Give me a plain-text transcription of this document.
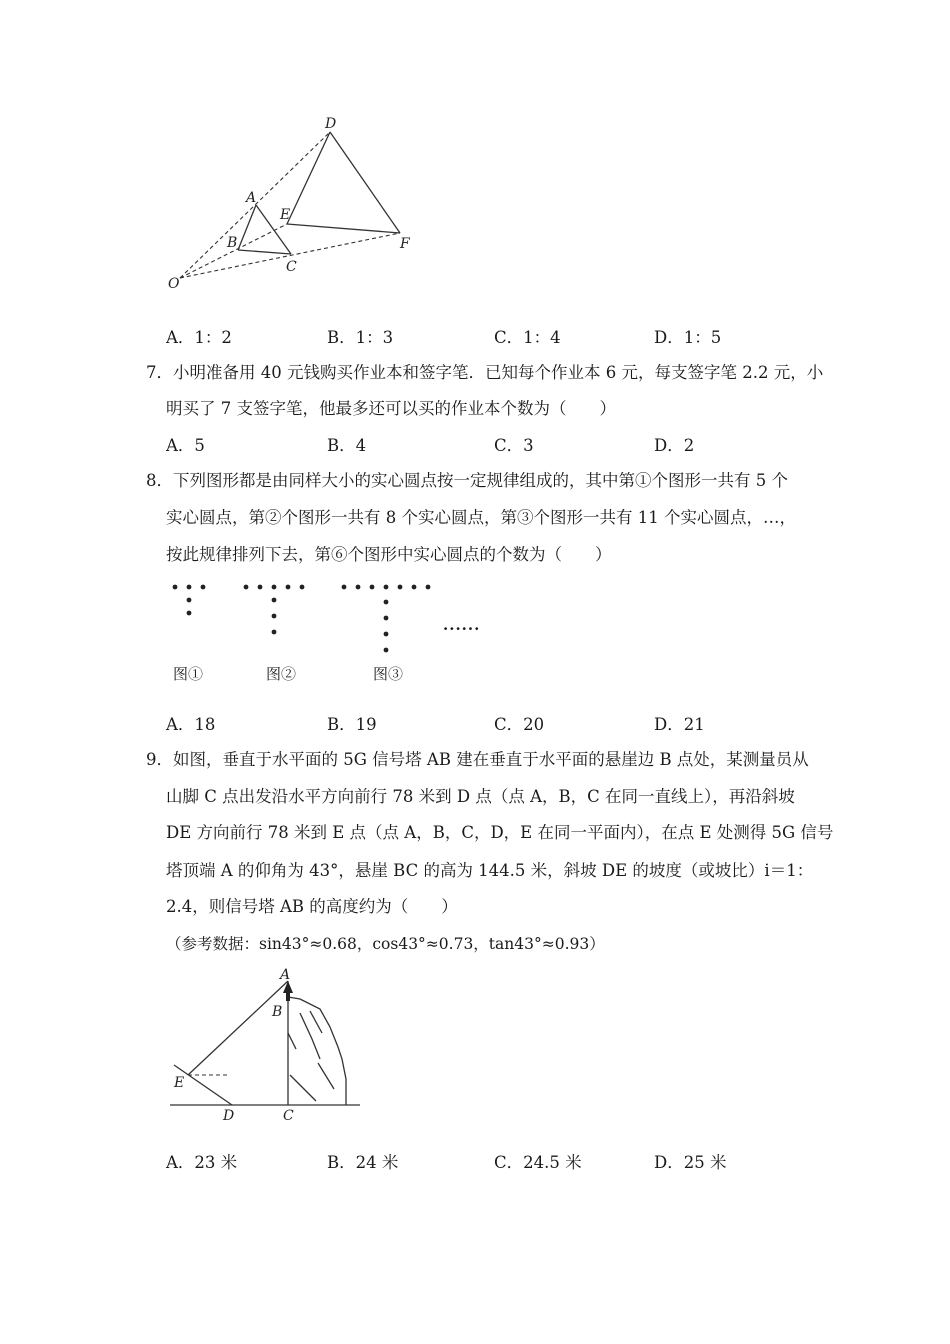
D
A
E
B	F
C
O
A．1：2	B．1：3	C．1：4	D．1：5
7．小明准备用 40 元钱购买作业本和签字笔．已知每个作业本 6 元，每支签字笔 2.2 元，小
明买了 7 支签字笔，他最多还可以买的作业本个数为（　　）
A．5	B．4	C．3	D．2
8．下列图形都是由同样大小的实心圆点按一定规律组成的，其中第①个图形一共有 5 个
实心圆点，第②个图形一共有 8 个实心圆点，第③个图形一共有 11 个实心圆点，…，
按此规律排列下去，第⑥个图形中实心圆点的个数为（　　）
......
图①	图②	图③
A．18	B．19	C．20	D．21
9．如图，垂直于水平面的 5G 信号塔 AB 建在垂直于水平面的悬崖边 B 点处，某测量员从
山脚 C 点出发沿水平方向前行 78 米到 D 点（点 A，B，C 在同一直线上），再沿斜坡
DE 方向前行 78 米到 E 点（点 A，B，C，D，E 在同一平面内），在点 E 处测得 5G 信号
塔顶端 A 的仰角为 43°，悬崖 BC 的高为 144.5 米，斜坡 DE 的坡度（或坡比）i＝1：
2.4，则信号塔 AB 的高度约为（　　）
（参考数据：sin43°≈0.68，cos43°≈0.73，tan43°≈0.93）
A
B
E
D	C
A．23 米	B．24 米	C．24.5 米	D．25 米
